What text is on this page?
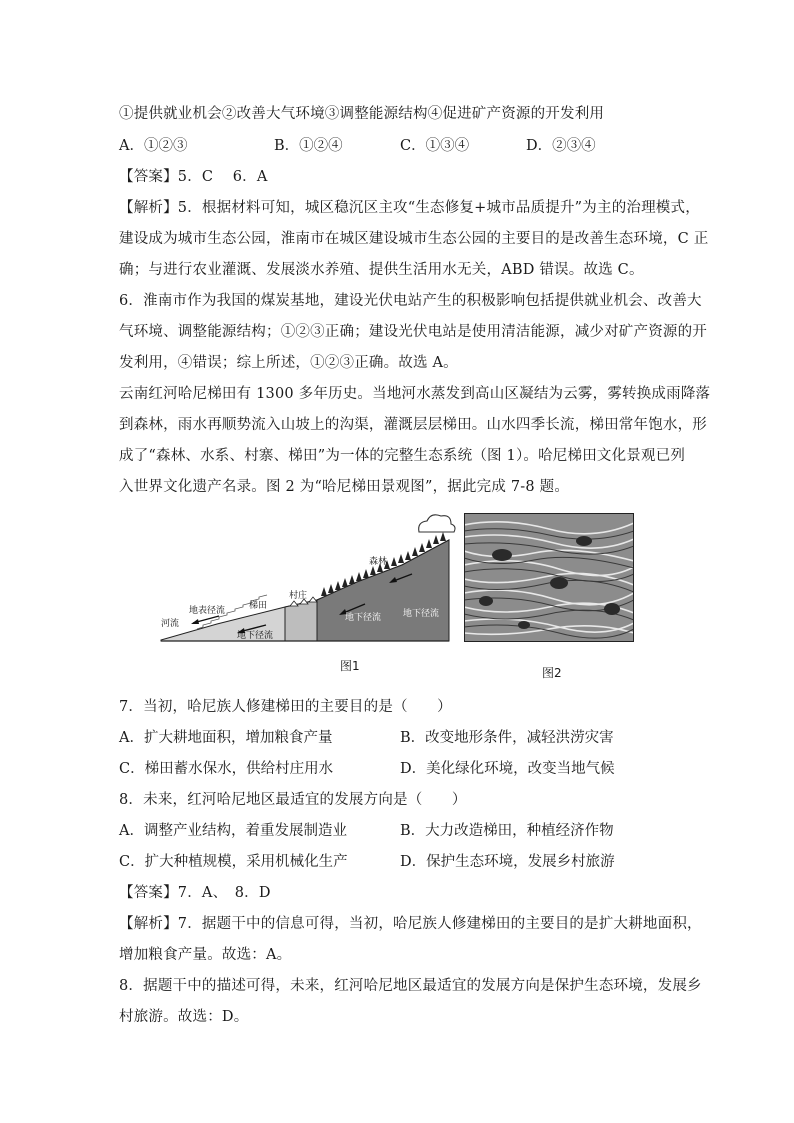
①提供就业机会②改善大气环境③调整能源结构④促进矿产资源的开发利用
A．①②③	B．①②④	C．①③④	D．②③④
【答案】5．C　 6．A
【解析】5．根据材料可知，城区稳沉区主攻“生态修复+城市品质提升”为主的治理模式，
建设成为城市生态公园，淮南市在城区建设城市生态公园的主要目的是改善生态环境，C 正
确；与进行农业灌溉、发展淡水养殖、提供生活用水无关，ABD 错误。故选 C。
6．淮南市作为我国的煤炭基地，建设光伏电站产生的积极影响包括提供就业机会、改善大
气环境、调整能源结构；①②③正确；建设光伏电站是使用清洁能源，减少对矿产资源的开
发利用，④错误；综上所述，①②③正确。故选 A。
云南红河哈尼梯田有 1300 多年历史。当地河水蒸发到高山区凝结为云雾，雾转换成雨降落
到森林，雨水再顺势流入山坡上的沟渠，灌溉层层梯田。山水四季长流，梯田常年饱水，形
成了“森林、水系、村寨、梯田”为一体的完整生态系统（图 1）。哈尼梯田文化景观已列
入世界文化遗产名录。图 2 为“哈尼梯田景观图”，据此完成 7-8 题。
河流
地表径流	梯田
村庄
森林
地下径流
地下径流 地下径流
图1	图2
7．当初，哈尼族人修建梯田的主要目的是（　　）
A．扩大耕地面积，增加粮食产量	B．改变地形条件，减轻洪涝灾害
C．梯田蓄水保水，供给村庄用水	D．美化绿化环境，改变当地气候
8．未来，红河哈尼地区最适宜的发展方向是（　　）
A．调整产业结构，着重发展制造业	B．大力改造梯田，种植经济作物
C．扩大种植规模，采用机械化生产	D．保护生态环境，发展乡村旅游
【答案】7．A、　8．D
【解析】7．据题干中的信息可得，当初，哈尼族人修建梯田的主要目的是扩大耕地面积，
增加粮食产量。故选：A。
8．据题干中的描述可得，未来，红河哈尼地区最适宜的发展方向是保护生态环境，发展乡
村旅游。故选：D。
